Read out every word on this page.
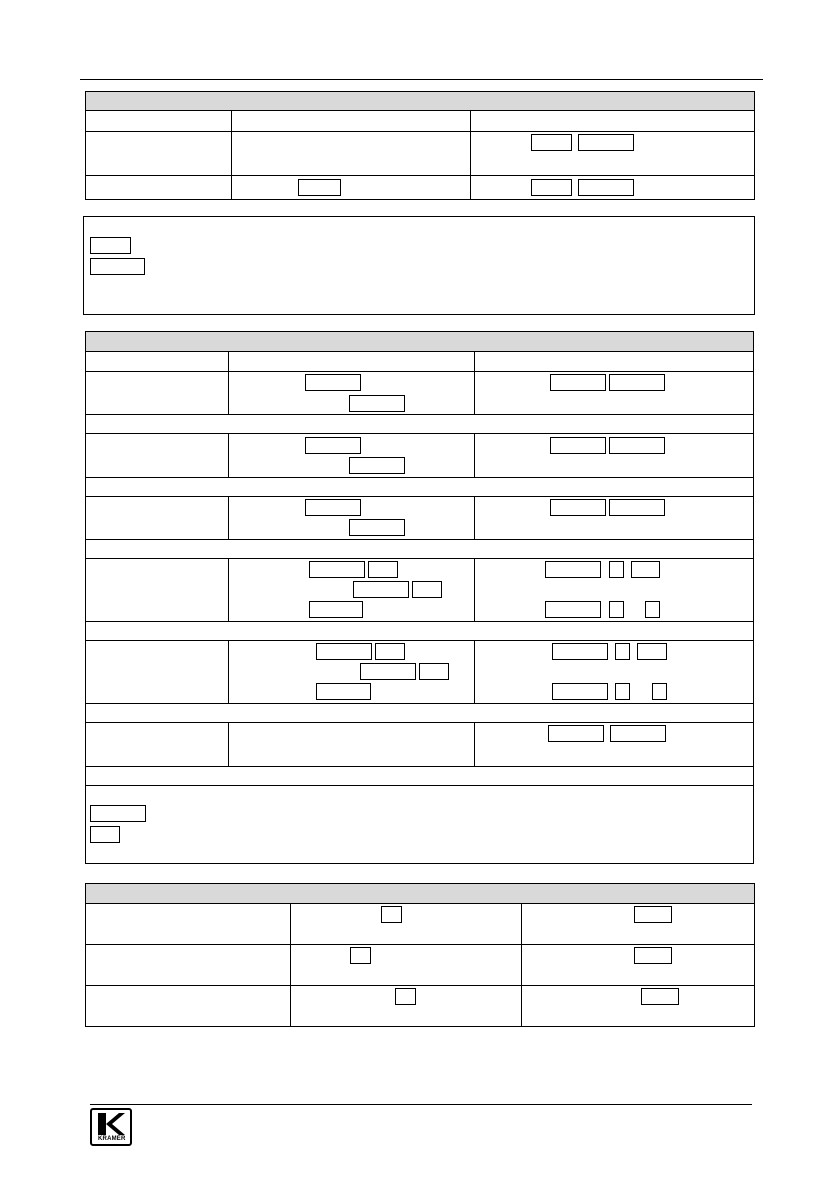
KRAMER
